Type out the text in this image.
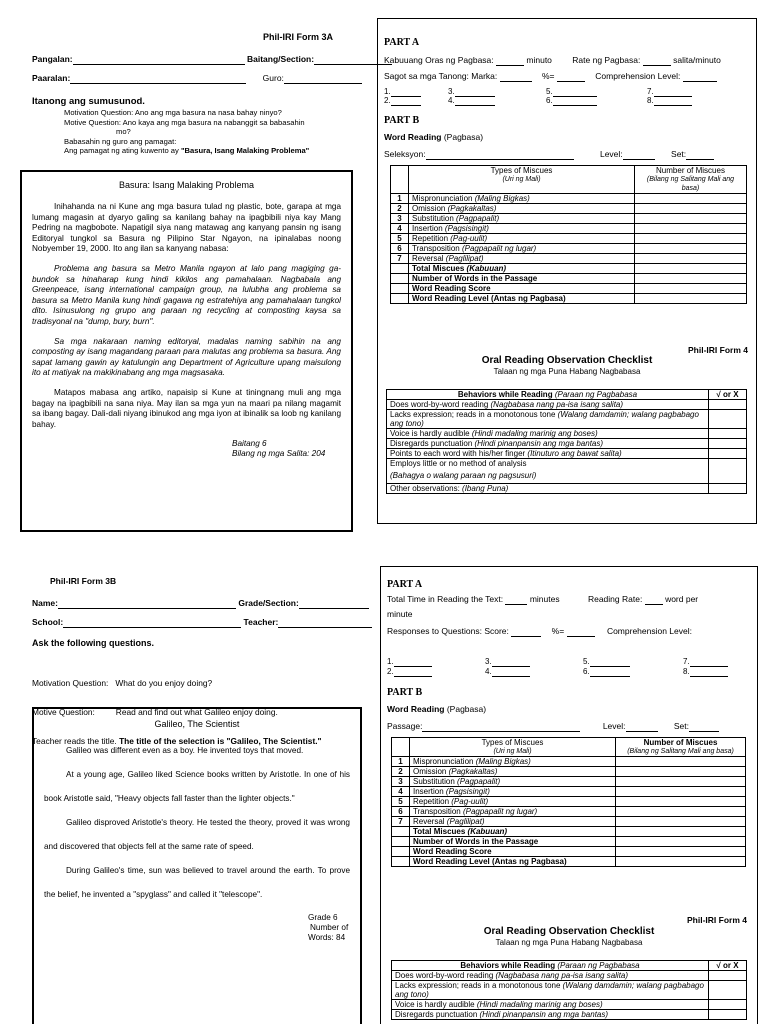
Phil-IRI Form 3A
Pangalan:	Baitang/Section:
Paaralan:	Guro:
Itanong ang sumusunod.
Motivation Question: Ano ang mga basura na nasa bahay ninyo?
Motive Question: Ano kaya ang mga basura na nabanggit sa babasahin
mo?
Babasahin ng guro ang pamagat:
Ang pamagat ng ating kuwento ay "Basura, Isang Malaking Problema"
Basura: Isang Malaking Problema

Inihahanda na ni Kune ang mga basura tulad ng plastic, bote, garapa at mga lumang magasin at dyaryo galing sa kanilang bahay na ipagbibili niya kay Mang Pedring na magbobote. Napatigil siya nang matawag ang kanyang pansin ng isang Editoryal tungkol sa Basura ng Pilipino Star Ngayon, na ipinalabas noong Nobyember 19, 2000. Ito ang ilan sa kanyang nabasa:

Problema ang basura sa Metro Manila ngayon at lalo pang magiging ga-bundok sa hinaharap kung hindi kikilos ang pamahalaan. Nagbabala ang Greenpeace, isang international campaign group, na lulubha ang problema sa basura sa Metro Manila kung hindi gagawa ng estratehiya ang pamahalaan tungkol dito. Isinusulong ng grupo ang paraan ng recycling at composting kaysa sa tradisyonal na "dump, bury, burn".

Sa mga nakaraan naming editoryal, madalas naming sabihin na ang composting ay isang magandang paraan para malutas ang problema sa basura. Ang sapat lamang gawin ay katulungin ang Department of Agriculture upang maisulong ito at matiyak na makikinabang ang mga magsasaka.

Matapos mabasa ang artiko, napaisip si Kune at tiningnang muli ang mga bagay na ipagbibili na sana niya. May ilan sa mga yun na maari pa nilang magamit sa ibang bagay. Dali-dali niyang ibinukod ang mga iyon at ibinalik sa loob ng kanilang bahay.

Baitang 6
Bilang ng mga Salita: 204
PART A
Kabuuang Oras ng Pagbasa:	minuto Rate ng Pagbasa:	salita/minuto
Sagot sa mga Tanong: Marka:	%=	Comprehension Level:
1.
2.
3.
4.
5.
6.
7.
8.
PART B
Word Reading (Pagbasa)
Seleksyon:	Level:	Set:
	Types of Miscues
(Uri ng Mali)	Number of Miscues
(Bilang ng Salitang Mali ang basa)

1	Mispronunciation (Maling Bigkas)	
2	Omission (Pagkakaltas)	
3	Substitution (Pagpapalit)	
4	Insertion (Pagsisingit)	
5	Repetition (Pag-uulit)	
6	Transposition (Pagpapalit ng lugar)	
7	Reversal (Paglilipat)	
	Total Miscues (Kabuuan)	
	Number of Words in the Passage	
	Word Reading Score	
	Word Reading Level (Antas ng Pagbasa)	
Phil-IRI Form 4
Oral Reading Observation Checklist
Talaan ng mga Puna Habang Nagbabasa
Behaviors while Reading (Paraan ng Pagbabasa	√ or X
Does word-by-word reading (Nagbabasa nang pa-isa isang salita)	
Lacks expression; reads in a monotonous tone (Walang damdamin; walang pagbabago ang tono)	
Voice is hardly audible (Hindi madaling marinig ang boses)	
Disregards punctuation (Hindi pinanpansin ang mga bantas)	
Points to each word with his/her finger (Itinuturo ang bawat salita)	
Employs little or no method of analysis
(Bahagya o walang paraan ng pagsusuri)	
Other observations: (Ibang Puna)	
Phil-IRI Form 3B
Name:	Grade/Section:
School:	Teacher:
Ask the following questions.

Motivation Question:   What do you enjoy doing?

Motive Question:         Read and find out what Galileo enjoy doing.

Teacher reads the title. The title of the selection is "Galileo, The Scientist."

Galileo, The Scientist

Galileo was different even as a boy. He invented toys that moved.

At a young age, Galileo liked Science books written by Aristotle. In one of his book Aristotle said, "Heavy objects fall faster than the lighter objects."

Galileo disproved Aristotle's theory. He tested the theory, proved it was wrong and discovered that objects fell at the same rate of speed.

During Galileo's time, sun was believed to travel around the earth. To prove the belief, he invented a "spyglass" and called it "telescope".

Grade 6
Number of
Words: 84
PART A
Total Time in Reading the Text:	minutes	Reading Rate:	word per
minute
Responses to Questions: Score:	%=	Comprehension Level:
1.
2.
3.
4.
5.
6.
7.
8.
PART B
Word Reading (Pagbasa)
Passage:	Level:	Set:
	Types of Miscues
(Uri ng Mali)	Number of Miscues
(Bilang ng Salitang Mali ang basa)

1	Mispronunciation (Maling Bigkas)	
2	Omission (Pagkakaltas)	
3	Substitution (Pagpapalit)	
4	Insertion (Pagsisingit)	
5	Repetition (Pag-uulit)	
6	Transposition (Pagpapalit ng lugar)	
7	Reversal (Paglilipat)	
	Total Miscues (Kabuuan)	
	Number of Words in the Passage	
	Word Reading Score	
	Word Reading Level (Antas ng Pagbasa)	
Phil-IRI Form 4
Oral Reading Observation Checklist
Talaan ng mga Puna Habang Nagbabasa
Behaviors while Reading (Paraan ng Pagbabasa	√ or X
Does word-by-word reading (Nagbabasa nang pa-isa isang salita)	
Lacks expression; reads in a monotonous tone (Walang damdamin; walang pagbabago ang tono)	
Voice is hardly audible (Hindi madaling marinig ang boses)	
Disregards punctuation (Hindi pinanpansin ang mga bantas)	
